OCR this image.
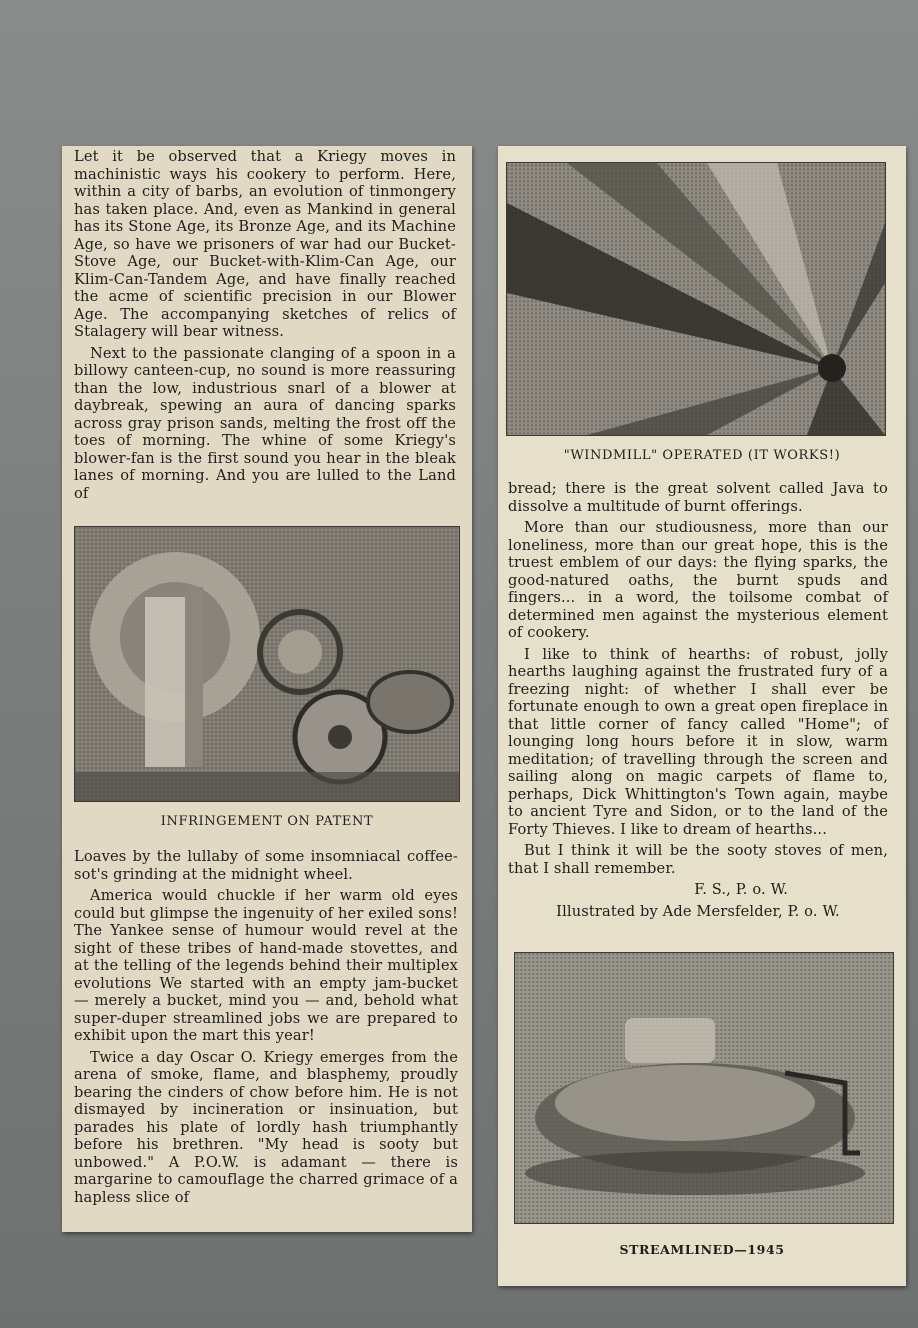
Let it be observed that a Kriegy moves in machinistic ways his cookery to perform. Here, within a city of barbs, an evolution of tinmongery has taken place. And, even as Mankind in general has its Stone Age, its Bronze Age, and its Machine Age, so have we prisoners of war had our Bucket-Stove Age, our Bucket-with-Klim-Can Age, our Klim-Can-Tandem Age, and have finally reached the acme of scientific precision in our Blower Age. The accompanying sketches of relics of Stalagery will bear witness.

Next to the passionate clanging of a spoon in a billowy canteen-cup, no sound is more reassuring than the low, industrious snarl of a blower at daybreak, spewing an aura of dancing sparks across gray prison sands, melting the frost off the toes of morning. The whine of some Kriegy's blower-fan is the first sound you hear in the bleak lanes of morning. And you are lulled to the Land of

INFRINGEMENT ON PATENT

Loaves by the lullaby of some insomniacal coffee-sot's grinding at the midnight wheel.

America would chuckle if her warm old eyes could but glimpse the ingenuity of her exiled sons! The Yankee sense of humour would revel at the sight of these tribes of hand-made stovettes, and at the telling of the legends behind their multiplex evolutions We started with an empty jam-bucket — merely a bucket, mind you — and, behold what super-duper streamlined jobs we are prepared to exhibit upon the mart this year!

Twice a day Oscar O. Kriegy emerges from the arena of smoke, flame, and blasphemy, proudly bearing the cinders of chow before him. He is not dismayed by incineration or insinuation, but parades his plate of lordly hash triumphantly before his brethren. "My head is sooty but unbowed." A P.O.W. is adamant — there is margarine to camouflage the charred grimace of a hapless slice of

"WINDMILL" OPERATED (IT WORKS!)

bread; there is the great solvent called Java to dissolve a multitude of burnt offerings.

More than our studiousness, more than our loneliness, more than our great hope, this is the truest emblem of our days: the flying sparks, the good-natured oaths, the burnt spuds and fingers... in a word, the toilsome combat of determined men against the mysterious element of cookery.

I like to think of hearths: of robust, jolly hearths laughing against the frustrated fury of a freezing night: of whether I shall ever be fortunate enough to own a great open fireplace in that little corner of fancy called "Home"; of lounging long hours before it in slow, warm meditation; of travelling through the screen and sailing along on magic carpets of flame to, perhaps, Dick Whittington's Town again, maybe to ancient Tyre and Sidon, or to the land of the Forty Thieves. I like to dream of hearths...

But I think it will be the sooty stoves of men, that I shall remember.

F. S., P. o. W.

Illustrated by Ade Mersfelder, P. o. W.

STREAMLINED—1945
